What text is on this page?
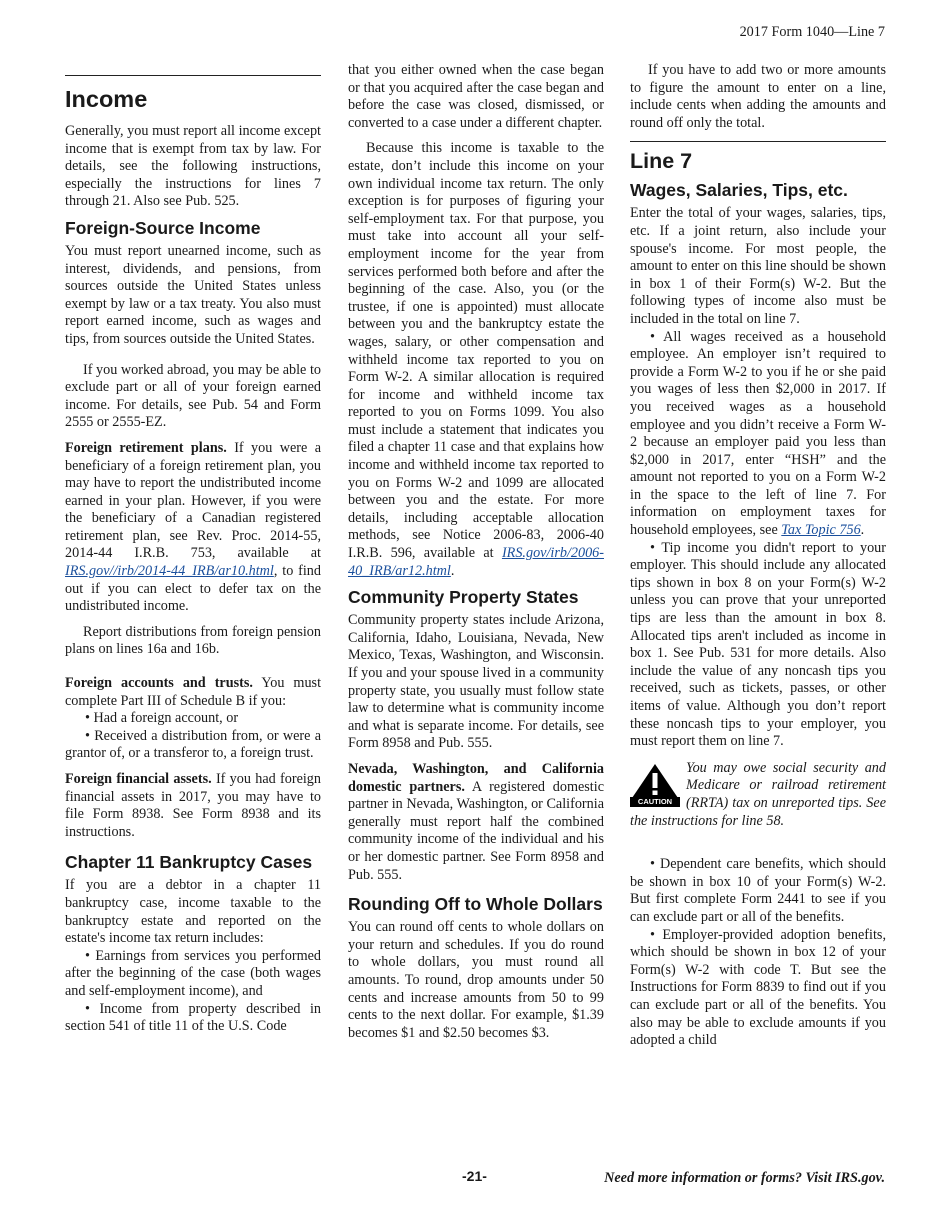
2017 Form 1040—Line 7
Income

Generally, you must report all income except income that is exempt from tax by law. For details, see the following instructions, especially the instructions for lines 7 through 21. Also see Pub. 525.

Foreign-Source Income

You must report unearned income, such as interest, dividends, and pensions, from sources outside the United States unless exempt by law or a tax treaty. You also must report earned income, such as wages and tips, from sources outside the United States.

If you worked abroad, you may be able to exclude part or all of your foreign earned income. For details, see Pub. 54 and Form 2555 or 2555-EZ.

Foreign retirement plans. If you were a beneficiary of a foreign retirement plan, you may have to report the undistributed income earned in your plan. However, if you were the beneficiary of a Canadian registered retirement plan, see Rev. Proc. 2014-55, 2014-44 I.R.B. 753, available at IRS.gov//irb/2014-44_IRB/ar10.html, to find out if you can elect to defer tax on the undistributed income.

Report distributions from foreign pension plans on lines 16a and 16b.

Foreign accounts and trusts. You must complete Part III of Schedule B if you:

• Had a foreign account, or

• Received a distribution from, or were a grantor of, or a transferor to, a foreign trust.

Foreign financial assets. If you had foreign financial assets in 2017, you may have to file Form 8938. See Form 8938 and its instructions.

Chapter 11 Bankruptcy Cases

If you are a debtor in a chapter 11 bankruptcy case, income taxable to the bankruptcy estate and reported on the estate's income tax return includes:

• Earnings from services you performed after the beginning of the case (both wages and self-employment income), and

• Income from property described in section 541 of title 11 of the U.S. Code

that you either owned when the case began or that you acquired after the case began and before the case was closed, dismissed, or converted to a case under a different chapter.

Because this income is taxable to the estate, don’t include this income on your own individual income tax return. The only exception is for purposes of figuring your self-employment tax. For that purpose, you must take into account all your self-employment income for the year from services performed both before and after the beginning of the case. Also, you (or the trustee, if one is appointed) must allocate between you and the bankruptcy estate the wages, salary, or other compensation and withheld income tax reported to you on Form W-2. A similar allocation is required for income and withheld income tax reported to you on Forms 1099. You also must include a statement that indicates you filed a chapter 11 case and that explains how income and withheld income tax reported to you on Forms W-2 and 1099 are allocated between you and the estate. For more details, including acceptable allocation methods, see Notice 2006-83, 2006-40 I.R.B. 596, available at IRS.gov/irb/2006-40_IRB/ar12.html.

Community Property States

Community property states include Arizona, California, Idaho, Louisiana, Nevada, New Mexico, Texas, Washington, and Wisconsin. If you and your spouse lived in a community property state, you usually must follow state law to determine what is community income and what is separate income. For details, see Form 8958 and Pub. 555.

Nevada, Washington, and California domestic partners. A registered domestic partner in Nevada, Washington, or California generally must report half the combined community income of the individual and his or her domestic partner. See Form 8958 and Pub. 555.

Rounding Off to Whole Dollars

You can round off cents to whole dollars on your return and schedules. If you do round to whole dollars, you must round all amounts. To round, drop amounts under 50 cents and increase amounts from 50 to 99 cents to the next dollar. For example, $1.39 becomes $1 and $2.50 becomes $3.

If you have to add two or more amounts to figure the amount to enter on a line, include cents when adding the amounts and round off only the total.

Line 7
Wages, Salaries, Tips, etc.

Enter the total of your wages, salaries, tips, etc. If a joint return, also include your spouse's income. For most people, the amount to enter on this line should be shown in box 1 of their Form(s) W-2. But the following types of income also must be included in the total on line 7.

• All wages received as a household employee. An employer isn’t required to provide a Form W-2 to you if he or she paid you wages of less then $2,000 in 2017. If you received wages as a household employee and you didn’t receive a Form W-2 because an employer paid you less than $2,000 in 2017, enter “HSH” and the amount not reported to you on a Form W-2 in the space to the left of line 7. For information on employment taxes for household employees, see Tax Topic 756.

• Tip income you didn't report to your employer. This should include any allocated tips shown in box 8 on your Form(s) W-2 unless you can prove that your unreported tips are less than the amount in box 8. Allocated tips aren't included as income in box 1. See Pub. 531 for more details. Also include the value of any noncash tips you received, such as tickets, passes, or other items of value. Although you don’t report these noncash tips to your employer, you must report them on line 7.

CAUTION

You may owe social security and Medicare or railroad retirement (RRTA) tax on unreported tips. See the instructions for line 58.

• Dependent care benefits, which should be shown in box 10 of your Form(s) W-2. But first complete Form 2441 to see if you can exclude part or all of the benefits.

• Employer-provided adoption benefits, which should be shown in box 12 of your Form(s) W-2 with code T. But see the Instructions for Form 8839 to find out if you can exclude part or all of the benefits. You also may be able to exclude amounts if you adopted a child

-21-	Need more information or forms? Visit IRS.gov.
